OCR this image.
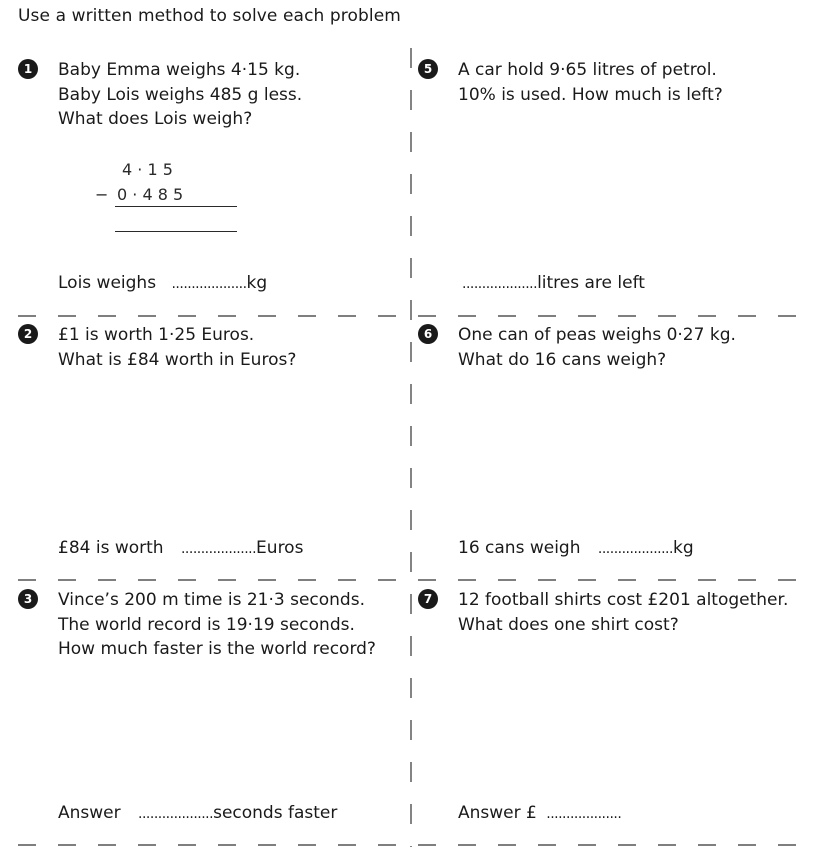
Use a written method to solve each problem
1	Baby Emma weighs 4·15 kg.
Baby Lois weighs 485 g less.
What does Lois weigh?
4 · 1 5
− 0 · 4 8 5
Lois weighs ...................kg
2	£1 is worth 1·25 Euros.
What is £84 worth in Euros?
£84 is worth ...................Euros
3	Vince’s 200 m time is 21·3 seconds.
The world record is 19·19 seconds.
How much faster is the world record?
Answer ...................seconds faster
5	A car hold 9·65 litres of petrol.
10% is used. How much is left?
...................litres are left
6	One can of peas weighs 0·27 kg.
What do 16 cans weigh?
16 cans weigh ...................kg
7	12 football shirts cost £201 altogether.
What does one shirt cost?
Answer £ ...................
